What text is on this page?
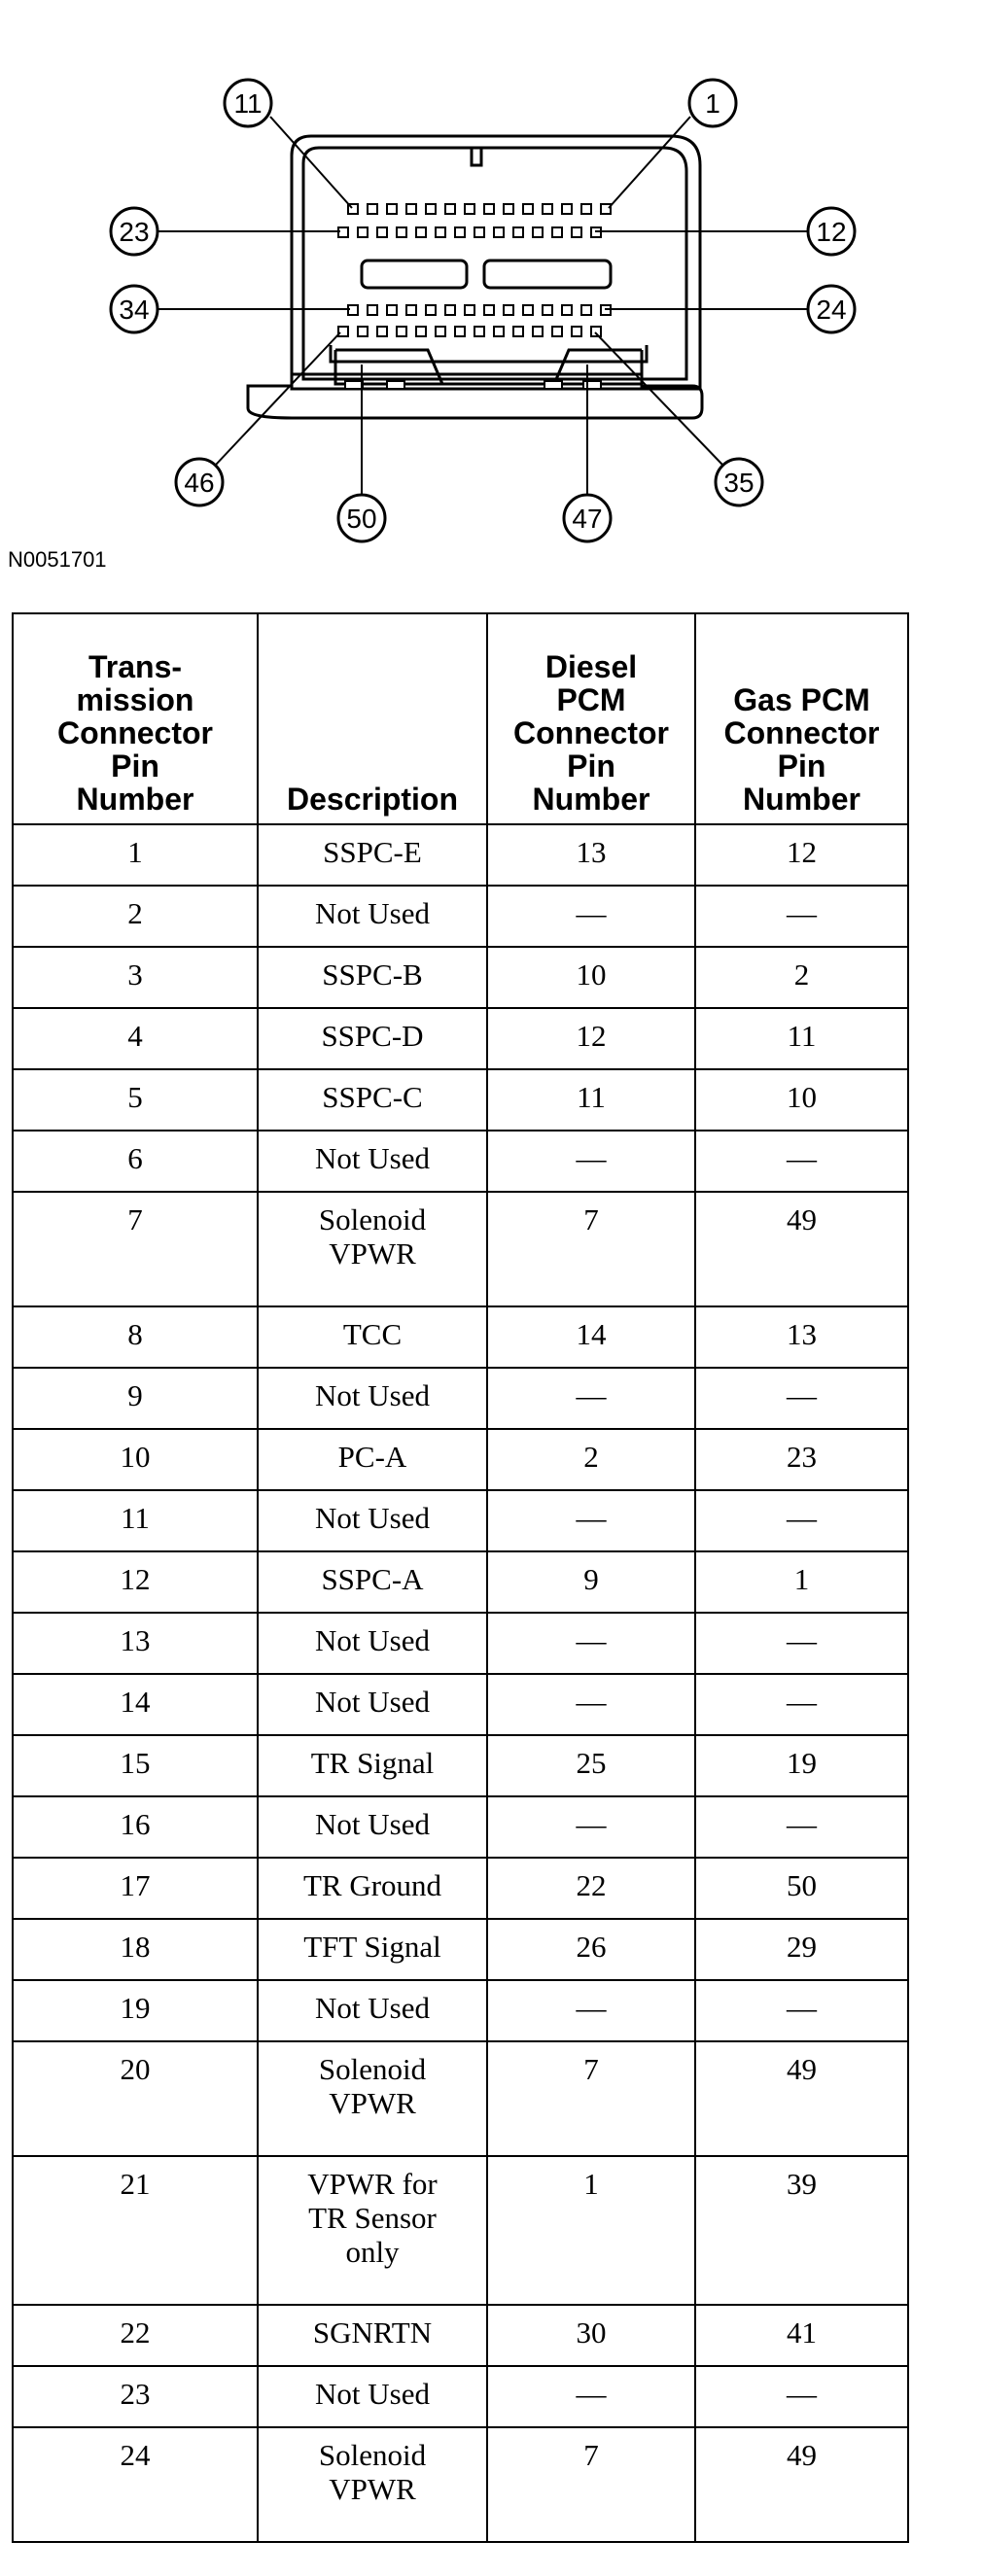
11	1
23	12
34	24
46	35
50	47
N0051701
Trans-
mission
Connector
Pin
Number	Description	Diesel
PCM
Connector
Pin
Number	Gas PCM
Connector
Pin
Number
1	SSPC-E	13	12
2	Not Used	—	—
3	SSPC-B	10	2
4	SSPC-D	12	11
5	SSPC-C	11	10
6	Not Used	—	—
7	Solenoid
VPWR	7	49
8	TCC	14	13
9	Not Used	—	—
10	PC-A	2	23
11	Not Used	—	—
12	SSPC-A	9	1
13	Not Used	—	—
14	Not Used	—	—
15	TR Signal	25	19
16	Not Used	—	—
17	TR Ground	22	50
18	TFT Signal	26	29
19	Not Used	—	—
20	Solenoid
VPWR	7	49
21	VPWR for
TR Sensor
only	1	39
22	SGNRTN	30	41
23	Not Used	—	—
24	Solenoid
VPWR	7	49
